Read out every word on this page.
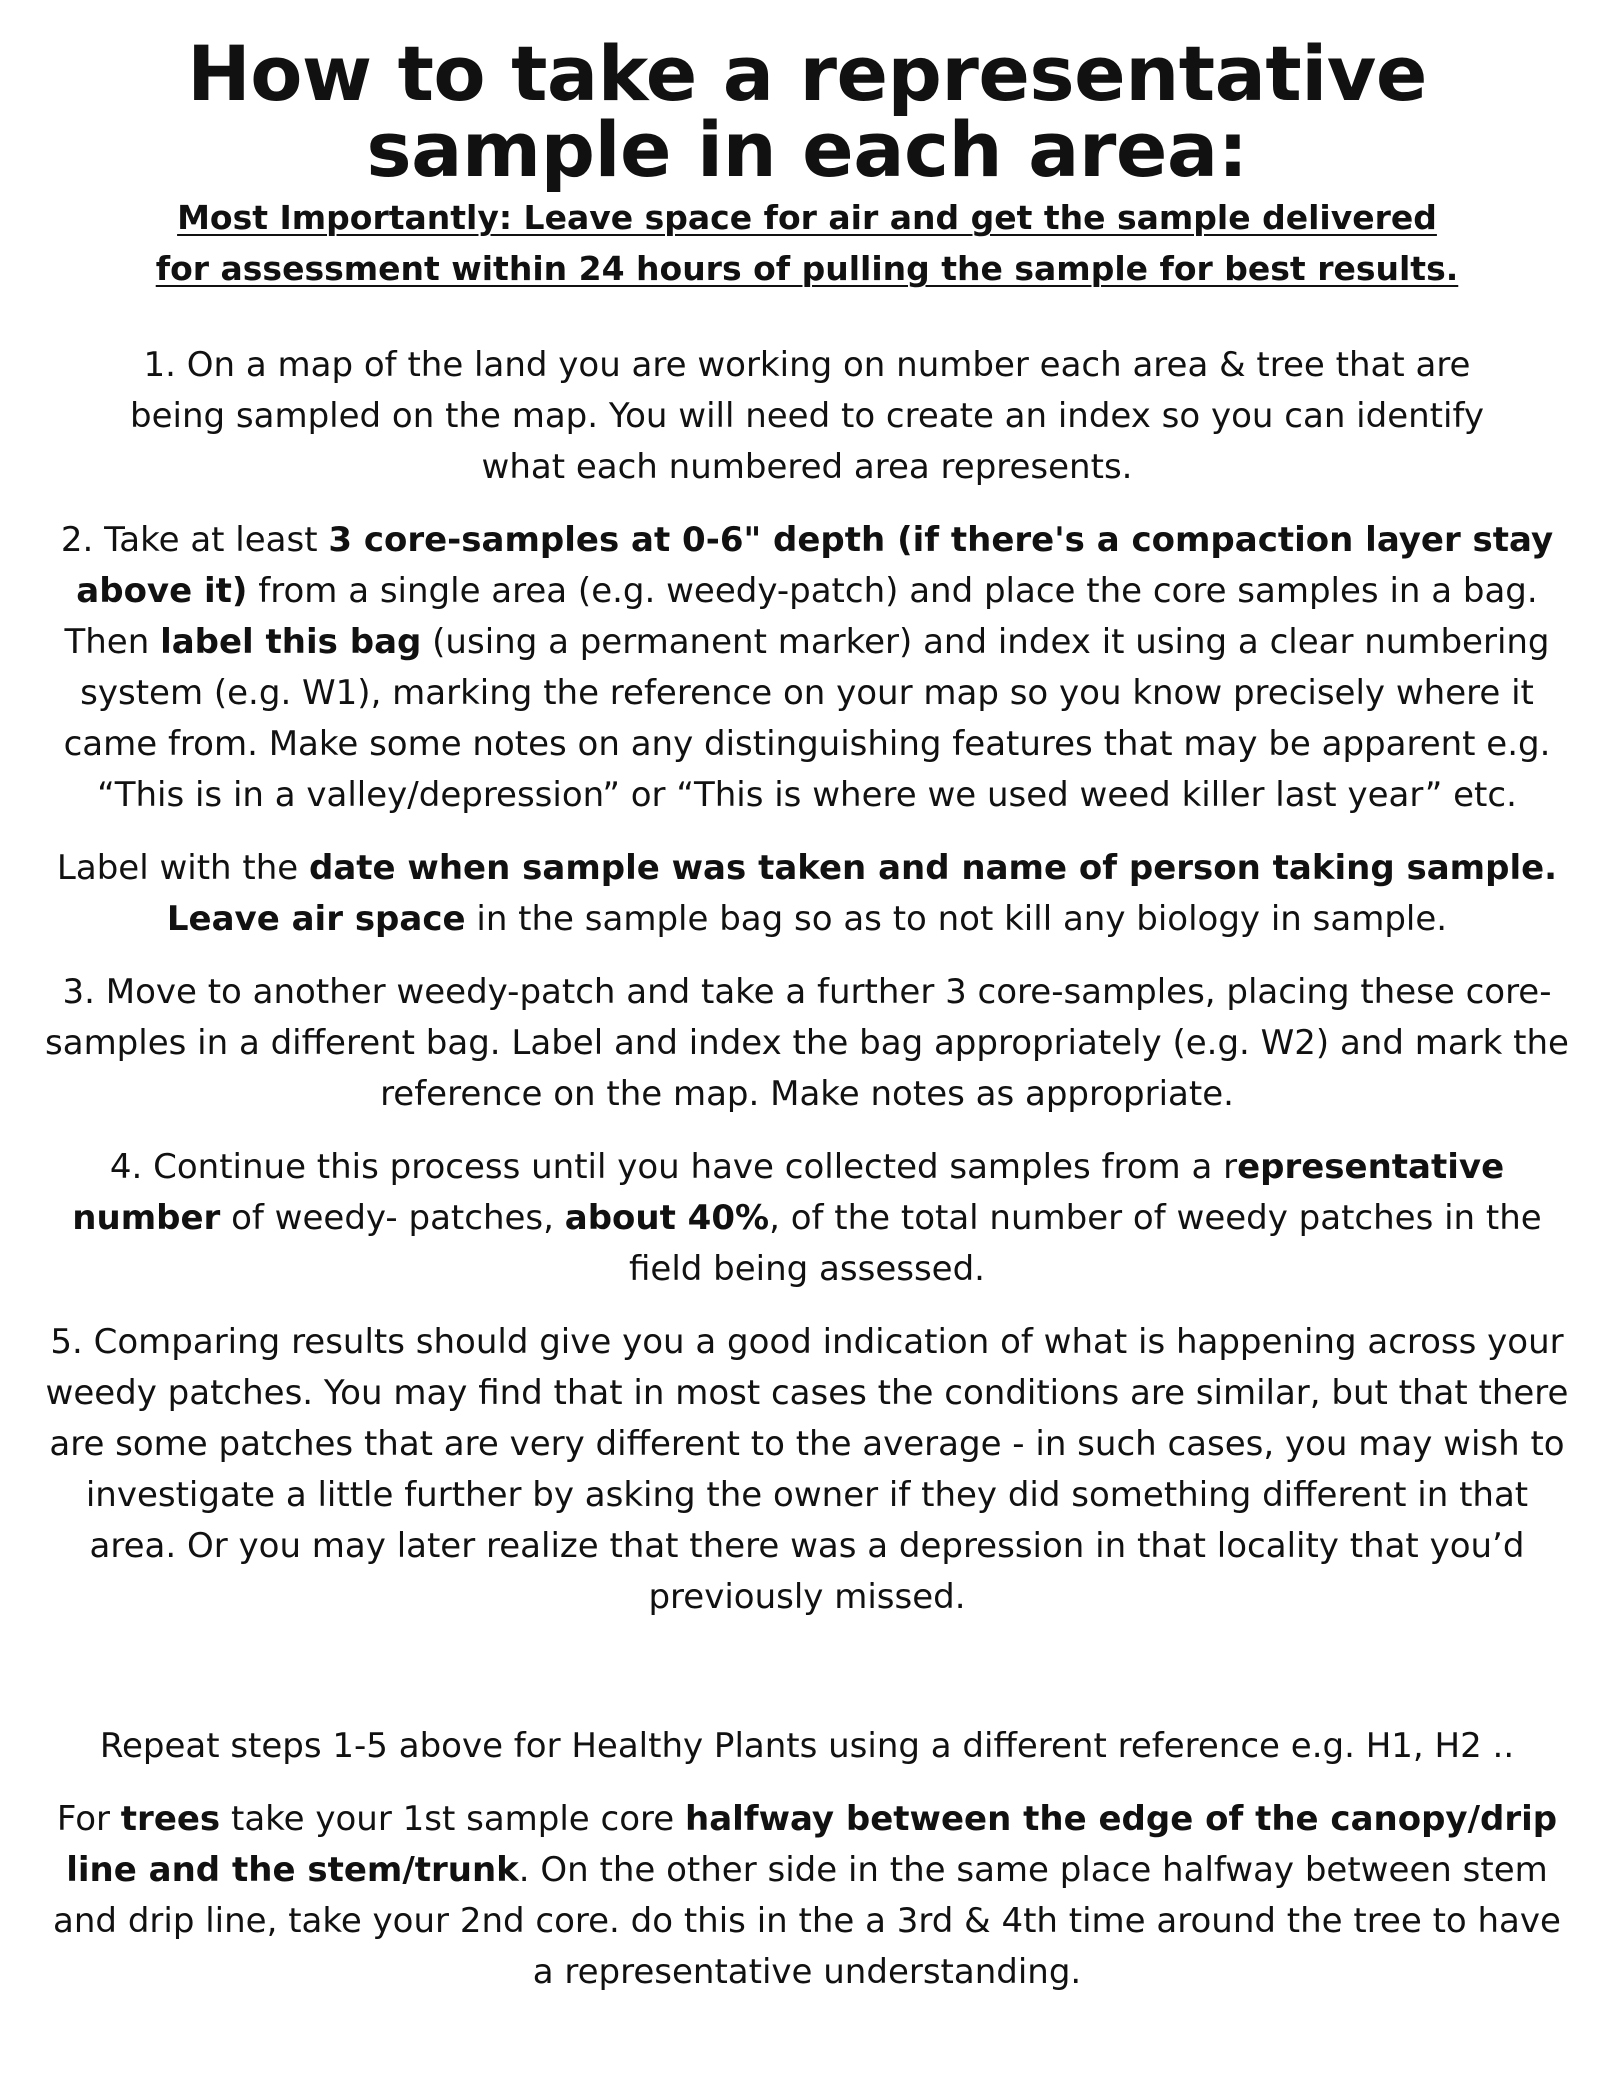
How to take a representative
sample in each area:
Most Importantly: Leave space for air and get the sample delivered
for assessment within 24 hours of pulling the sample for best results.

1. On a map of the land you are working on number each area & tree that are being sampled on the map. You will need to create an index so you can identify what each numbered area represents.

2. Take at least 3 core-samples at 0-6" depth (if there's a compaction layer stay above it) from a single area (e.g. weedy-patch) and place the core samples in a bag. Then label this bag (using a permanent marker) and index it using a clear numbering system (e.g. W1), marking the reference on your map so you know precisely where it came from. Make some notes on any distinguishing features that may be apparent e.g. “This is in a valley/depression” or “This is where we used weed killer last year” etc.

Label with the date when sample was taken and name of person taking sample.
Leave air space in the sample bag so as to not kill any biology in sample.

3. Move to another weedy-patch and take a further 3 core-samples, placing these core-samples in a different bag. Label and index the bag appropriately (e.g. W2) and mark the reference on the map. Make notes as appropriate.

4. Continue this process until you have collected samples from a representative number of weedy- patches, about 40%, of the total number of weedy patches in the field being assessed.

5. Comparing results should give you a good indication of what is happening across your weedy patches. You may find that in most cases the conditions are similar, but that there are some patches that are very different to the average - in such cases, you may wish to investigate a little further by asking the owner if they did something different in that area. Or you may later realize that there was a depression in that locality that you’d previously missed.

Repeat steps 1-5 above for Healthy Plants using a different reference e.g. H1, H2 ..

For trees take your 1st sample core halfway between the edge of the canopy/drip line and the stem/trunk. On the other side in the same place halfway between stem and drip line, take your 2nd core. do this in the a 3rd & 4th time around the tree to have a representative understanding.
